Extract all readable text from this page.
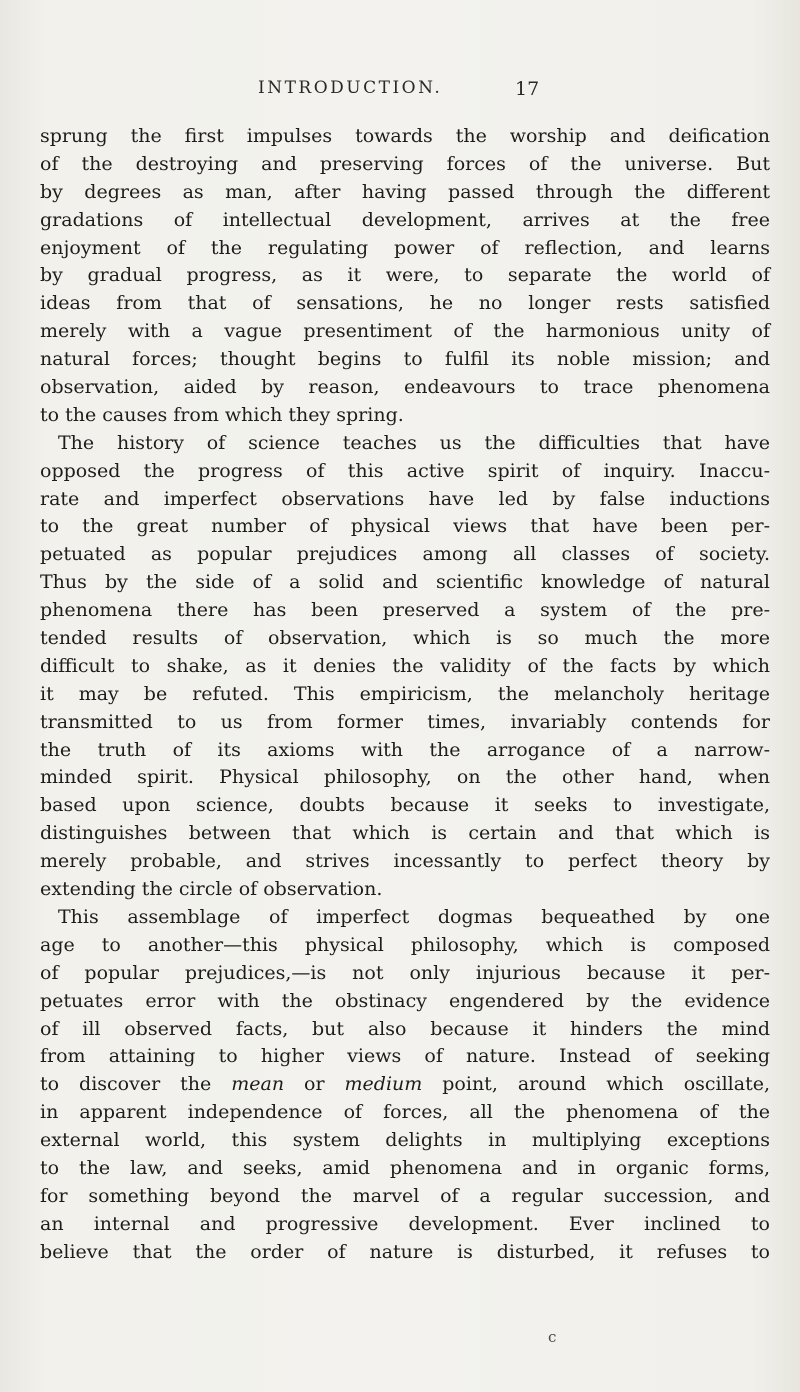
INTRODUCTION.	17
sprung the first impulses towards the worship and deification
of the destroying and preserving forces of the universe. But
by degrees as man, after having passed through the different
gradations of intellectual development, arrives at the free
enjoyment of the regulating power of reflection, and learns
by gradual progress, as it were, to separate the world of
ideas from that of sensations, he no longer rests satisfied
merely with a vague presentiment of the harmonious unity of
natural forces; thought begins to fulfil its noble mission; and
observation, aided by reason, endeavours to trace phenomena
to the causes from which they spring.
The history of science teaches us the difficulties that have
opposed the progress of this active spirit of inquiry. Inaccu-
rate and imperfect observations have led by false inductions
to the great number of physical views that have been per-
petuated as popular prejudices among all classes of society.
Thus by the side of a solid and scientific knowledge of natural
phenomena there has been preserved a system of the pre-
tended results of observation, which is so much the more
difficult to shake, as it denies the validity of the facts by which
it may be refuted. This empiricism, the melancholy heritage
transmitted to us from former times, invariably contends for
the truth of its axioms with the arrogance of a narrow-
minded spirit. Physical philosophy, on the other hand, when
based upon science, doubts because it seeks to investigate,
distinguishes between that which is certain and that which is
merely probable, and strives incessantly to perfect theory by
extending the circle of observation.
This assemblage of imperfect dogmas bequeathed by one
age to another—this physical philosophy, which is composed
of popular prejudices,—is not only injurious because it per-
petuates error with the obstinacy engendered by the evidence
of ill observed facts, but also because it hinders the mind
from attaining to higher views of nature. Instead of seeking
to discover the mean or medium point, around which oscillate,
in apparent independence of forces, all the phenomena of the
external world, this system delights in multiplying exceptions
to the law, and seeks, amid phenomena and in organic forms,
for something beyond the marvel of a regular succession, and
an internal and progressive development. Ever inclined to
believe that the order of nature is disturbed, it refuses to
c
